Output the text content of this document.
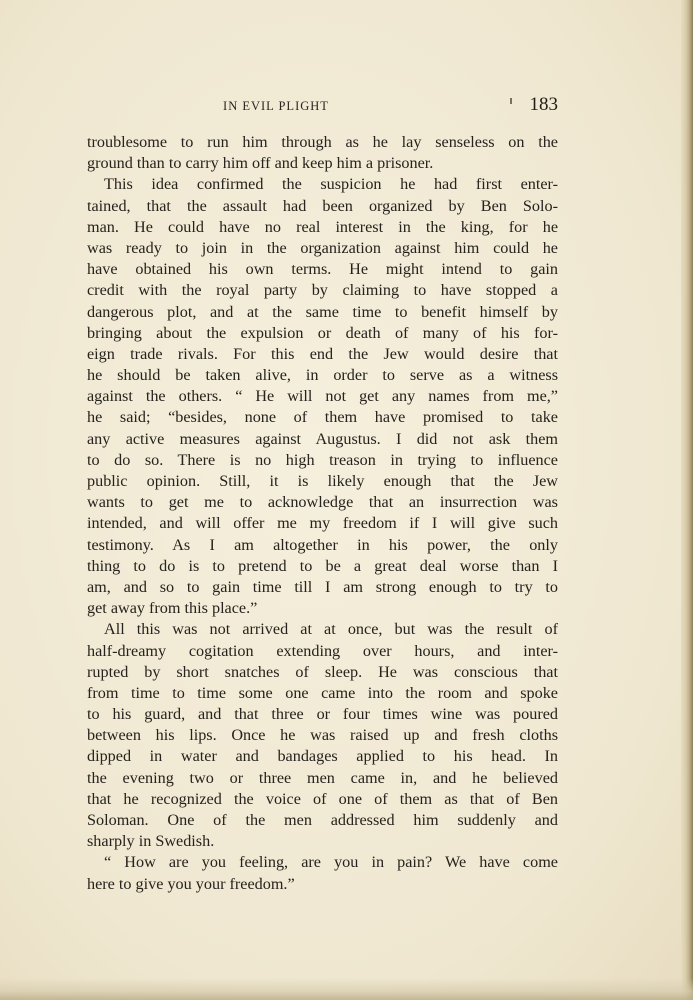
IN EVIL PLIGHT	183
troublesome to run him through as he lay senseless on the
ground than to carry him off and keep him a prisoner.
This idea confirmed the suspicion he had first enter-
tained, that the assault had been organized by Ben Solo-
man. He could have no real interest in the king, for he
was ready to join in the organization against him could he
have obtained his own terms. He might intend to gain
credit with the royal party by claiming to have stopped a
dangerous plot, and at the same time to benefit himself by
bringing about the expulsion or death of many of his for-
eign trade rivals. For this end the Jew would desire that
he should be taken alive, in order to serve as a witness
against the others. “ He will not get any names from me,”
he said; “besides, none of them have promised to take
any active measures against Augustus. I did not ask them
to do so. There is no high treason in trying to influence
public opinion. Still, it is likely enough that the Jew
wants to get me to acknowledge that an insurrection was
intended, and will offer me my freedom if I will give such
testimony. As I am altogether in his power, the only
thing to do is to pretend to be a great deal worse than I
am, and so to gain time till I am strong enough to try to
get away from this place.”
All this was not arrived at at once, but was the result of
half-dreamy cogitation extending over hours, and inter-
rupted by short snatches of sleep. He was conscious that
from time to time some one came into the room and spoke
to his guard, and that three or four times wine was poured
between his lips. Once he was raised up and fresh cloths
dipped in water and bandages applied to his head. In
the evening two or three men came in, and he believed
that he recognized the voice of one of them as that of Ben
Soloman. One of the men addressed him suddenly and
sharply in Swedish.
“ How are you feeling, are you in pain? We have come
here to give you your freedom.”
